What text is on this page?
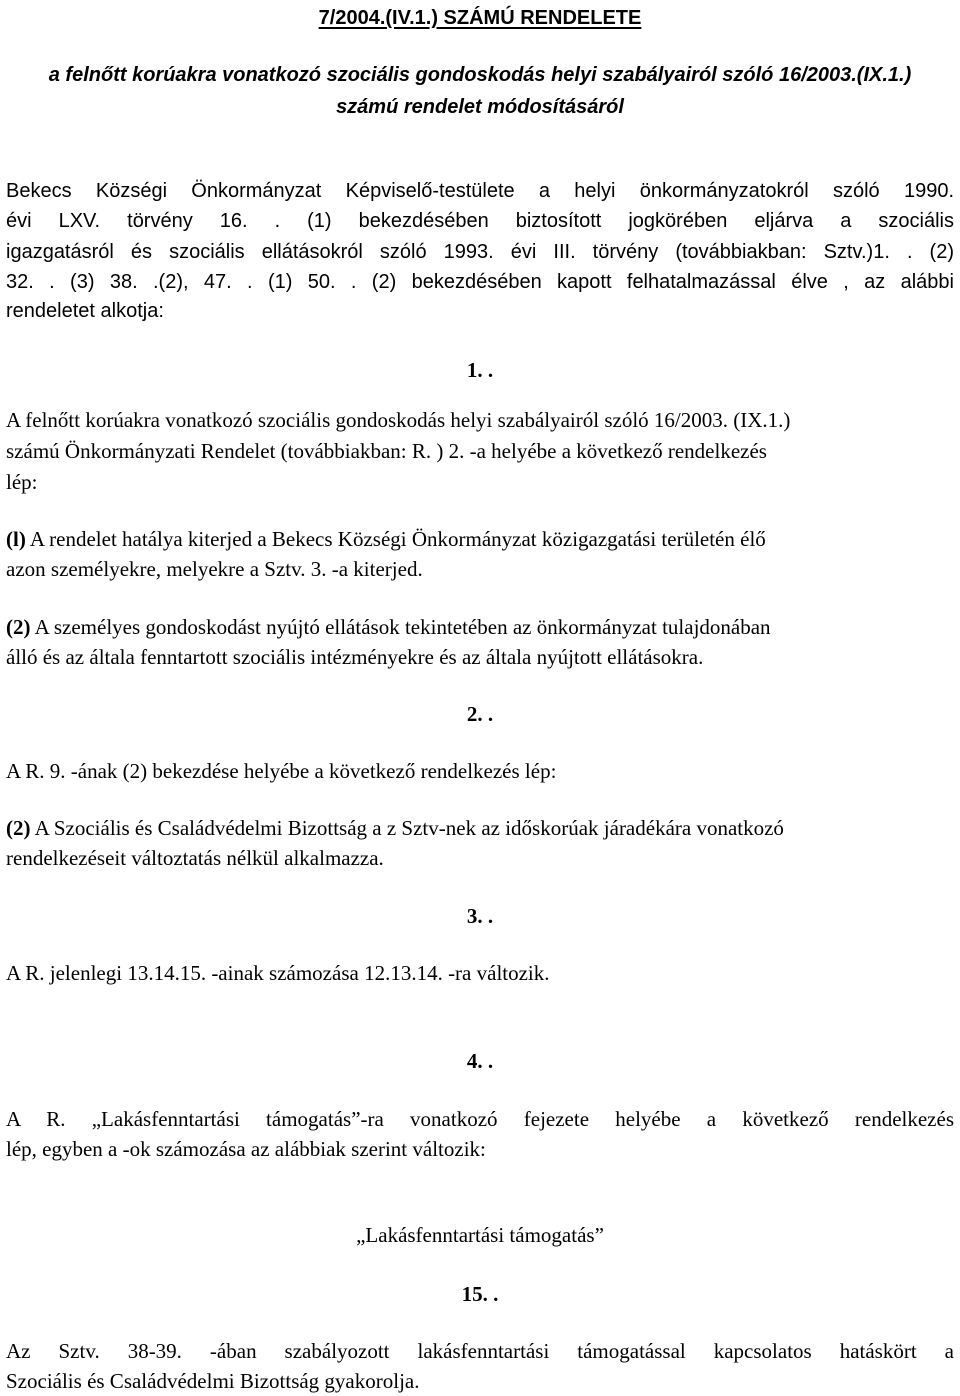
7/2004.(IV.1.) SZÁMÚ RENDELETE
a felnőtt korúakra vonatkozó szociális gondoskodás helyi szabályairól szóló 16/2003.(IX.1.)
számú rendelet módosításáról
Bekecs Községi Önkormányzat Képviselő-testülete a helyi önkormányzatokról szóló 1990.
évi LXV. törvény 16. . (1) bekezdésében biztosított jogkörében eljárva a szociális
igazgatásról és szociális ellátásokról szóló 1993. évi III. törvény (továbbiakban: Sztv.)1. . (2)
32. . (3) 38. .(2), 47. . (1) 50. . (2) bekezdésében kapott felhatalmazással élve , az alábbi
rendeletet alkotja:
1. .
A felnőtt korúakra vonatkozó szociális gondoskodás helyi szabályairól szóló 16/2003. (IX.1.)
számú Önkormányzati Rendelet (továbbiakban: R. ) 2. -a helyébe a következő rendelkezés
lép:
(l) A rendelet hatálya kiterjed a Bekecs Községi Önkormányzat közigazgatási területén élő
azon személyekre, melyekre a Sztv. 3. -a kiterjed.
(2) A személyes gondoskodást nyújtó ellátások tekintetében az önkormányzat tulajdonában
álló és az általa fenntartott szociális intézményekre és az általa nyújtott ellátásokra.
2. .
A R. 9. -ának (2) bekezdése helyébe a következő rendelkezés lép:
(2) A Szociális és Családvédelmi Bizottság a z Sztv-nek az időskorúak járadékára vonatkozó
rendelkezéseit változtatás nélkül alkalmazza.
3. .
A R. jelenlegi 13.14.15. -ainak számozása 12.13.14. -ra változik.
4. .
A R. „Lakásfenntartási támogatás”-ra vonatkozó fejezete helyébe a következő rendelkezés
lép, egyben a -ok számozása az alábbiak szerint változik:
„Lakásfenntartási támogatás”
15. .
Az Sztv. 38-39. -ában szabályozott lakásfenntartási támogatással kapcsolatos hatáskört a
Szociális és Családvédelmi Bizottság gyakorolja.
